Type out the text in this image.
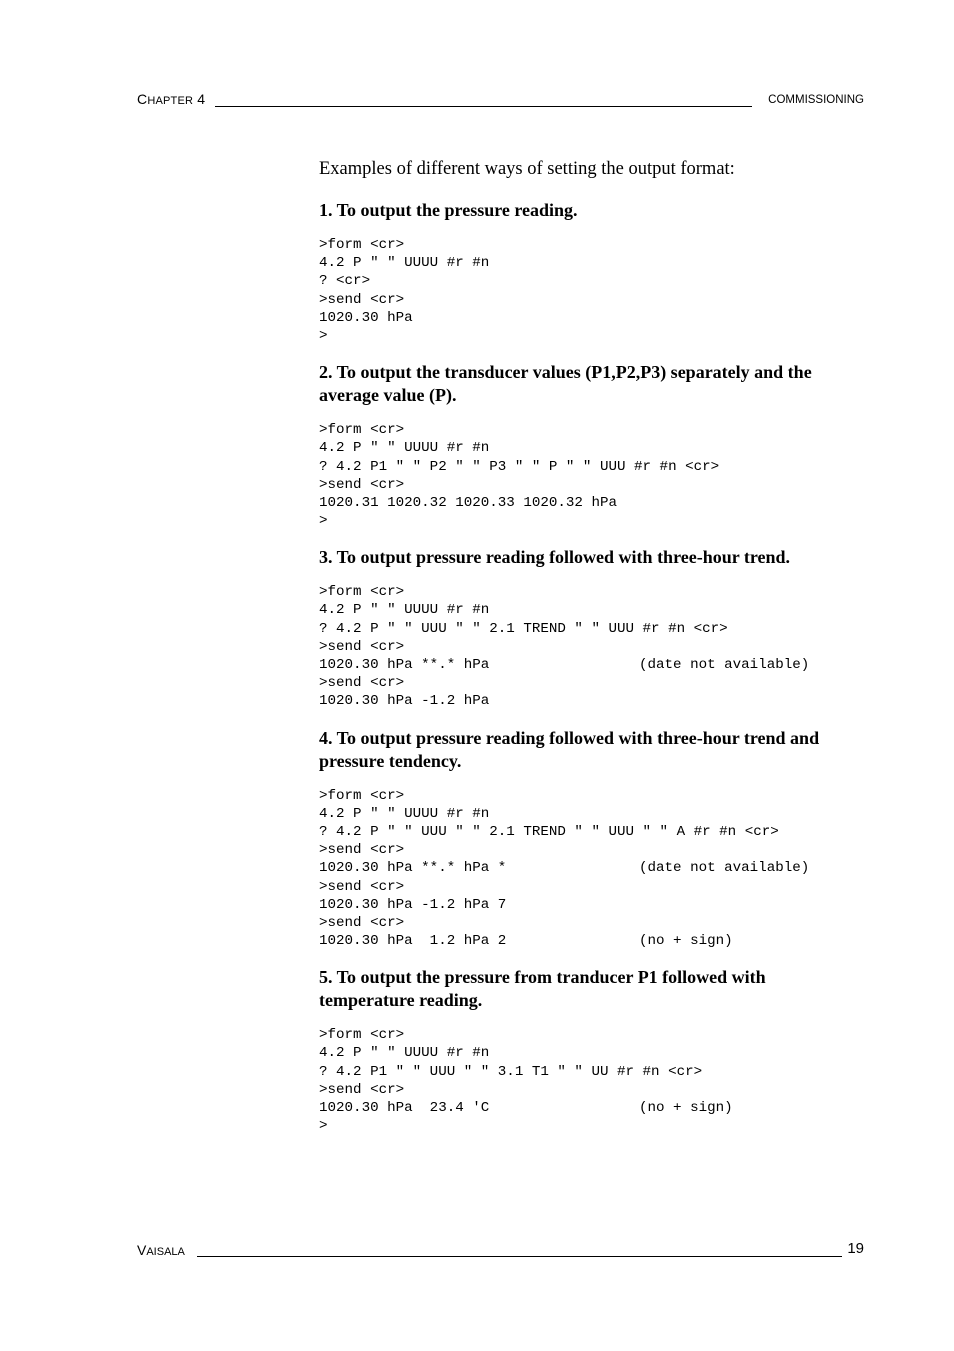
CHAPTER 4	COMMISSIONING

Examples of different ways of setting the output format:

1. To output the pressure reading.
>form <cr>
4.2 P " " UUUU #r #n
? <cr>
>send <cr>
1020.30 hPa
>
2. To output the transducer values (P1,P2,P3) separately and the average value (P).
>form <cr>
4.2 P " " UUUU #r #n
? 4.2 P1 " " P2 " " P3 " " P " " UUU #r #n <cr>
>send <cr>
1020.31 1020.32 1020.33 1020.32 hPa
>
3. To output pressure reading followed with three-hour trend.
>form <cr>
4.2 P " " UUUU #r #n
? 4.2 P " " UUU " " 2.1 TREND " " UUU #r #n <cr>
>send <cr>
1020.30 hPa **.* hPa	(date not available)
>send <cr>
1020.30 hPa -1.2 hPa
4. To output pressure reading followed with three-hour trend and pressure tendency.
>form <cr>
4.2 P " " UUUU #r #n
? 4.2 P " " UUU " " 2.1 TREND " " UUU " " A #r #n <cr>
>send <cr>
1020.30 hPa **.* hPa *	(date not available)
>send <cr>
1020.30 hPa -1.2 hPa 7
>send <cr>
1020.30 hPa  1.2 hPa 2	(no + sign)
5. To output the pressure from tranducer P1 followed with temperature reading.
>form <cr>
4.2 P " " UUUU #r #n
? 4.2 P1 " " UUU " " 3.1 T1 " " UU #r #n <cr>
>send <cr>
1020.30 hPa  23.4 'C	(no + sign)
>
VAISALA	19
